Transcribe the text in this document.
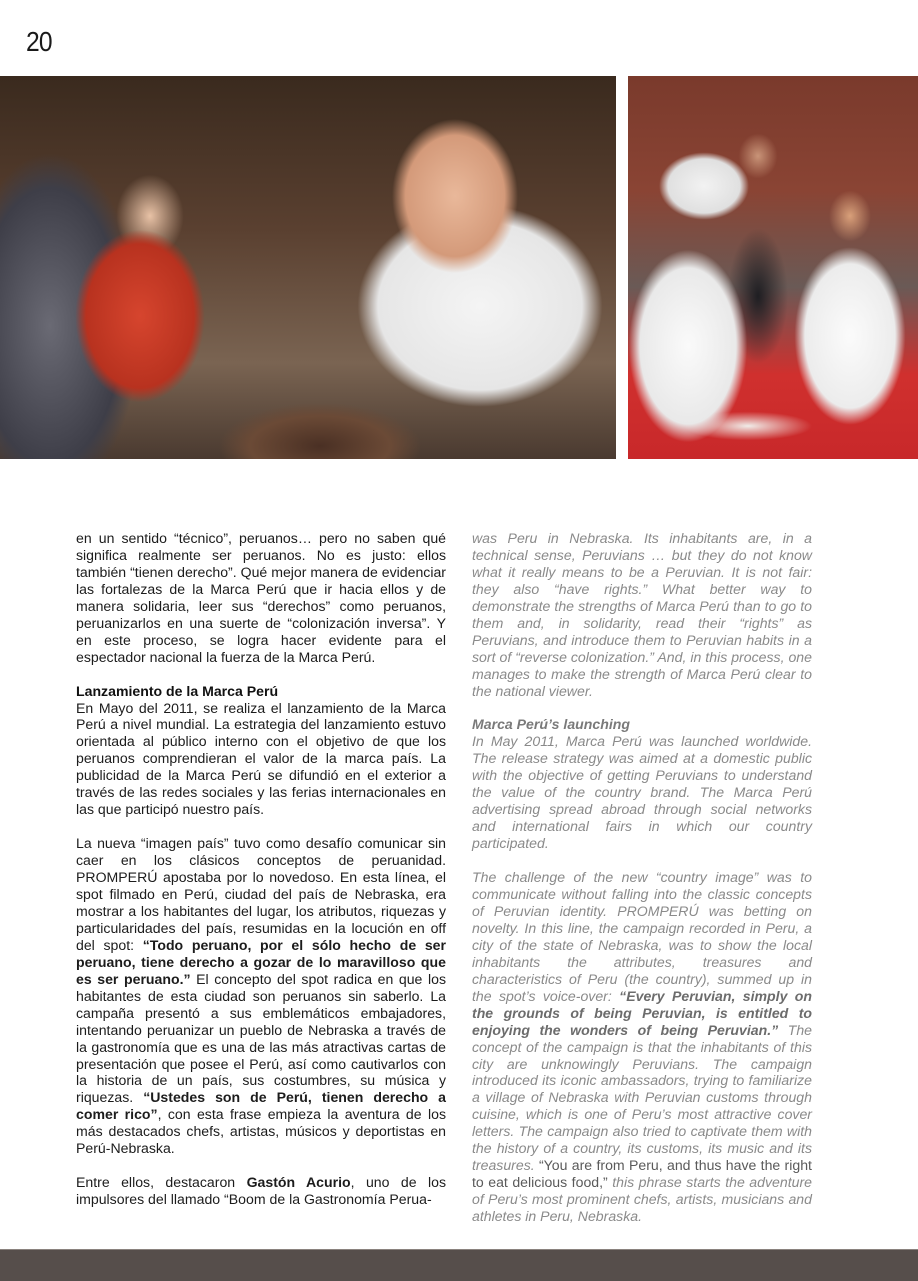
20

en un sentido “técnico”, peruanos… pero no saben qué significa realmente ser peruanos. No es justo: ellos también “tienen derecho”. Qué mejor manera de evidenciar las fortalezas de la Marca Perú que ir hacia ellos y de manera solidaria, leer sus “derechos” como peruanos, peruanizarlos en una suerte de “colonización inversa”. Y en este proceso, se logra hacer evidente para el espectador nacional la fuerza de la Marca Perú.

Lanzamiento de la Marca Perú

En Mayo del 2011, se realiza el lanzamiento de la Marca Perú a nivel mundial. La estrategia del lanzamiento estuvo orientada al público interno con el objetivo de que los peruanos comprendieran el valor de la marca país. La publicidad de la Marca Perú se difundió en el exterior a través de las redes sociales y las ferias internacionales en las que participó nuestro país.

La nueva “imagen país” tuvo como desafío comunicar sin caer en los clásicos conceptos de peruanidad. PROMPERÚ apostaba por lo novedoso. En esta línea, el spot filmado en Perú, ciudad del país de Nebraska, era mostrar a los habitantes del lugar, los atributos, riquezas y particularidades del país, resumidas en la locución en off del spot: “Todo peruano, por el sólo hecho de ser peruano, tiene derecho a gozar de lo maravilloso que es ser peruano.” El concepto del spot radica en que los habitantes de esta ciudad son peruanos sin saberlo. La campaña presentó a sus emblemáticos embajadores, intentando peruanizar un pueblo de Nebraska a través de la gastronomía que es una de las más atractivas cartas de presentación que posee el Perú, así como cautivarlos con la historia de un país, sus costumbres, su música y riquezas. “Ustedes son de Perú, tienen derecho a comer rico”, con esta frase empieza la aventura de los más destacados chefs, artistas, músicos y deportistas en Perú-Nebraska.

Entre ellos, destacaron Gastón Acurio, uno de los impulsores del llamado “Boom de la Gastronomía Perua-

was Peru in Nebraska. Its inhabitants are, in a technical sense, Peruvians … but they do not know what it really means to be a Peruvian. It is not fair: they also “have rights.” What better way to demonstrate the strengths of Marca Perú than to go to them and, in solidarity, read their “rights” as Peruvians, and introduce them to Peruvian habits in a sort of “reverse colonization.” And, in this process, one manages to make the strength of Marca Perú clear to the national viewer.

Marca Perú’s launching

In May 2011, Marca Perú was launched worldwide. The release strategy was aimed at a domestic public with the objective of getting Peruvians to understand the value of the country brand. The Marca Perú advertising spread abroad through social networks and international fairs in which our country participated.

The challenge of the new “country image” was to communicate without falling into the classic concepts of Peruvian identity. PROMPERÚ was betting on novelty. In this line, the campaign recorded in Peru, a city of the state of Nebraska, was to show the local inhabitants the attributes, treasures and characteristics of Peru (the country), summed up in the spot’s voice-over: “Every Peruvian, simply on the grounds of being Peruvian, is entitled to enjoying the wonders of being Peruvian.” The concept of the campaign is that the inhabitants of this city are unknowingly Peruvians. The campaign introduced its iconic ambassadors, trying to familiarize a village of Nebraska with Peruvian customs through cuisine, which is one of Peru’s most attractive cover letters. The campaign also tried to captivate them with the history of a country, its customs, its music and its treasures. “You are from Peru, and thus have the right to eat delicious food,” this phrase starts the adventure of Peru’s most prominent chefs, artists, musicians and athletes in Peru, Nebraska.
